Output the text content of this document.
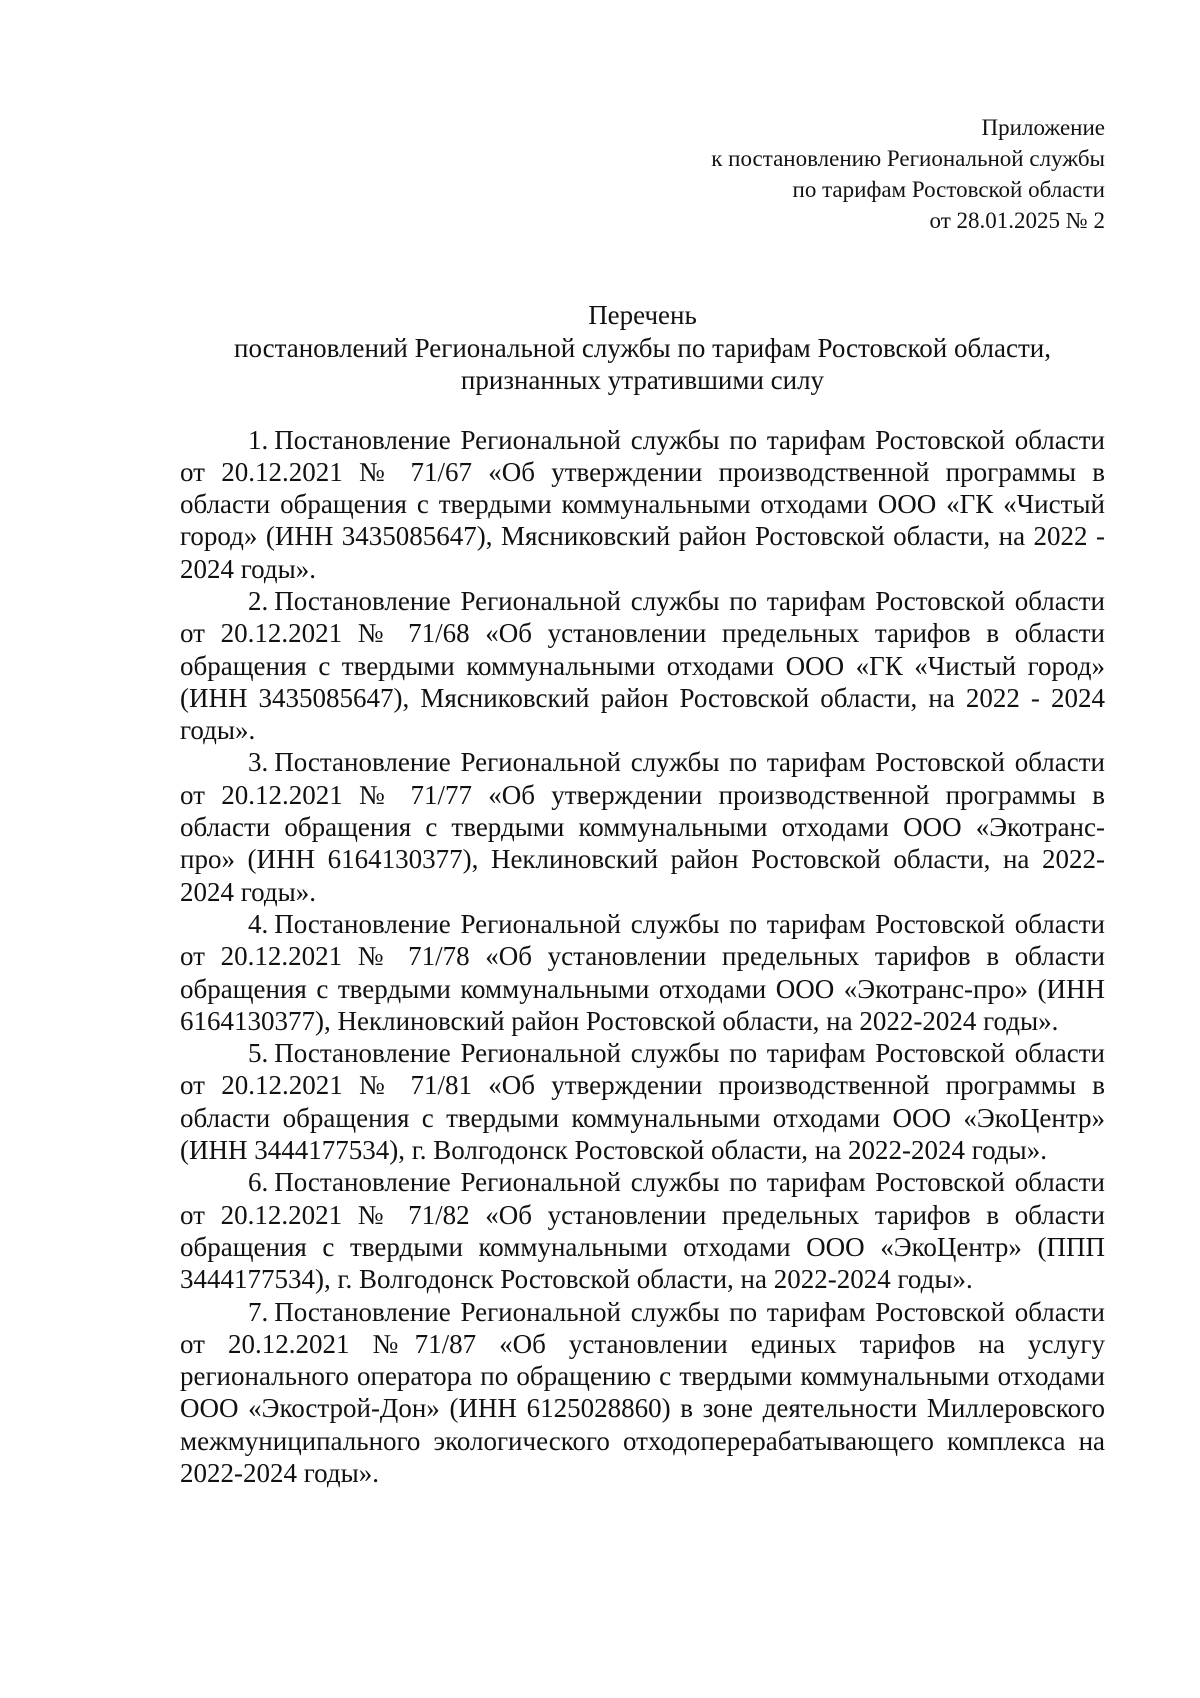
Приложение
к постановлению Региональной службы
по тарифам Ростовской области
от 28.01.2025 № 2
Перечень
постановлений Региональной службы по тарифам Ростовской области,
признанных утратившими силу

1. Постановление Региональной службы по тарифам Ростовской области от 20.12.2021 № 71/67 «Об утверждении производственной программы в области обращения с твердыми коммунальными отходами ООО «ГК «Чистый город» (ИНН 3435085647), Мясниковский район Ростовской области, на 2022 - 2024 годы».

2. Постановление Региональной службы по тарифам Ростовской области от 20.12.2021 № 71/68 «Об установлении предельных тарифов в области обращения с твердыми коммунальными отходами ООО «ГК «Чистый город» (ИНН 3435085647), Мясниковский район Ростовской области, на 2022 - 2024 годы».

3. Постановление Региональной службы по тарифам Ростовской области от 20.12.2021 № 71/77 «Об утверждении производственной программы в области обращения с твердыми коммунальными отходами ООО «Экотранс-про» (ИНН 6164130377), Неклиновский район Ростовской области, на 2022-2024 годы».

4. Постановление Региональной службы по тарифам Ростовской области от 20.12.2021 № 71/78 «Об установлении предельных тарифов в области обращения с твердыми коммунальными отходами ООО «Экотранс-про» (ИНН 6164130377), Неклиновский район Ростовской области, на 2022-2024 годы».

5. Постановление Региональной службы по тарифам Ростовской области от 20.12.2021 № 71/81 «Об утверждении производственной программы в области обращения с твердыми коммунальными отходами ООО «ЭкоЦентр» (ИНН 3444177534), г. Волгодонск Ростовской области, на 2022-2024 годы».

6. Постановление Региональной службы по тарифам Ростовской области от 20.12.2021 № 71/82 «Об установлении предельных тарифов в области обращения с твердыми коммунальными отходами ООО «ЭкоЦентр» (ППП 3444177534), г. Волгодонск Ростовской области, на 2022-2024 годы».

7. Постановление Региональной службы по тарифам Ростовской области от 20.12.2021 №71/87 «Об установлении единых тарифов на услугу регионального оператора по обращению с твердыми коммунальными отходами ООО «Экострой-Дон» (ИНН 6125028860) в зоне деятельности Миллеровского межмуниципального экологического отходоперерабатывающего комплекса на 2022-2024 годы».
